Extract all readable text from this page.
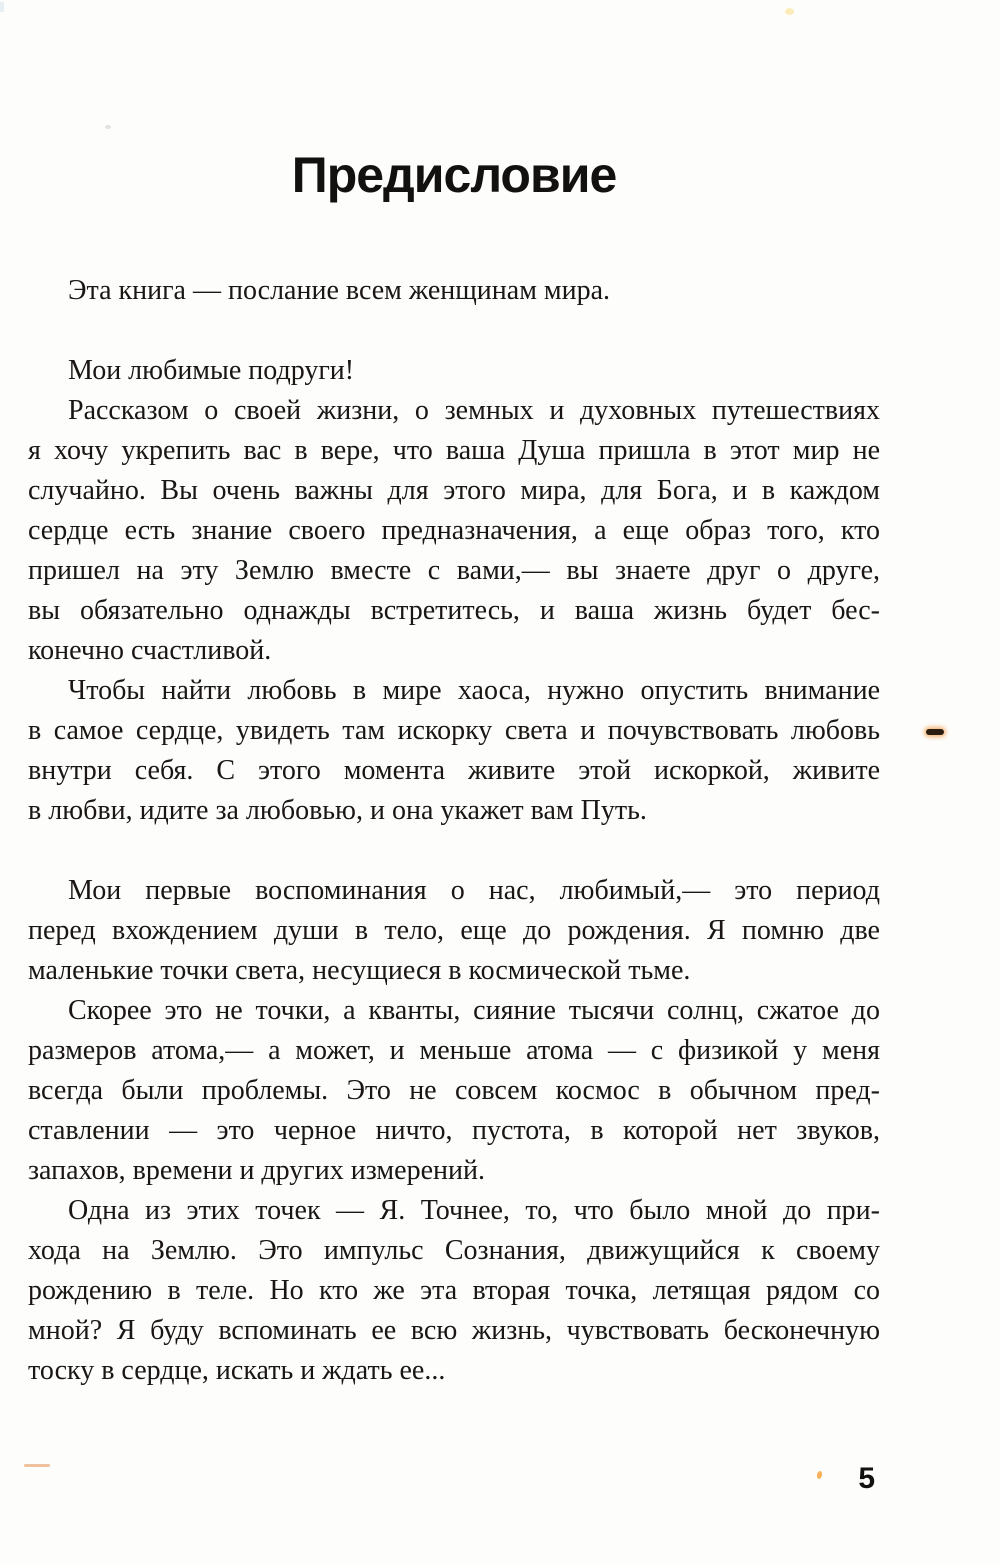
Предисловие
Эта книга — послание всем женщинам мира.
Мои любимые подруги!
Рассказом о своей жизни, о земных и духовных путешествиях
я хочу укрепить вас в вере, что ваша Душа пришла в этот мир не
случайно. Вы очень важны для этого мира, для Бога, и в каждом
сердце есть знание своего предназначения, а еще образ того, кто
пришел на эту Землю вместе с вами,— вы знаете друг о друге,
вы обязательно однажды встретитесь, и ваша жизнь будет бес-
конечно счастливой.
Чтобы найти любовь в мире хаоса, нужно опустить внимание
в самое сердце, увидеть там искорку света и почувствовать любовь
внутри себя. С этого момента живите этой искоркой, живите
в любви, идите за любовью, и она укажет вам Путь.
Мои первые воспоминания о нас, любимый,— это период
перед вхождением души в тело, еще до рождения. Я помню две
маленькие точки света, несущиеся в космической тьме.
Скорее это не точки, а кванты, сияние тысячи солнц, сжатое до
размеров атома,— а может, и меньше атома — с физикой у меня
всегда были проблемы. Это не совсем космос в обычном пред-
ставлении — это черное ничто, пустота, в которой нет звуков,
запахов, времени и других измерений.
Одна из этих точек — Я. Точнее, то, что было мной до при-
хода на Землю. Это импульс Сознания, движущийся к своему
рождению в теле. Но кто же эта вторая точка, летящая рядом со
мной? Я буду вспоминать ее всю жизнь, чувствовать бесконечную
тоску в сердце, искать и ждать ее...
5
